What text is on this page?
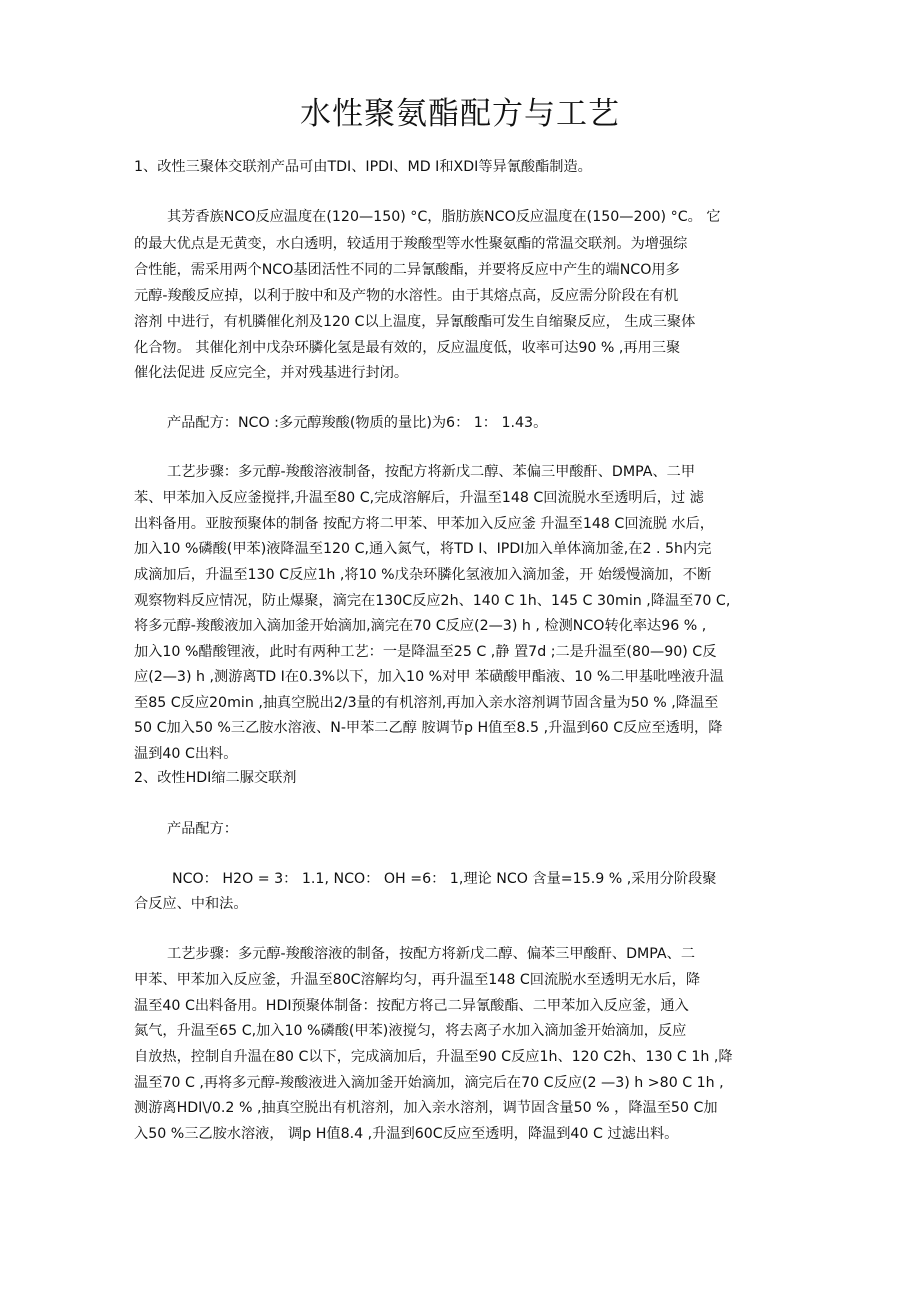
水性聚氨酯配方与工艺
1、改性三聚体交联剂产品可由TDI、IPDI、MD I和XDI等异氰酸酯制造。
其芳香族NCO反应温度在(120—150) °C，脂肪族NCO反应温度在(150—200) °C。 它
的最大优点是无黄变，水白透明，较适用于羧酸型等水性聚氨酯的常温交联剂。为增强综
合性能，需采用两个NCO基团活性不同的二异氰酸酯，并要将反应中产生的端NCO用多
元醇-羧酸反应掉，以利于胺中和及产物的水溶性。由于其熔点高，反应需分阶段在有机
溶剂 中进行，有机膦催化剂及120 C以上温度，异氰酸酯可发生自缩聚反应， 生成三聚体
化合物。 其催化剂中戊杂环膦化氢是最有效的，反应温度低，收率可达90 % ,再用三聚
催化法促进 反应完全，并对残基进行封闭。
产品配方：NCO :多元醇羧酸(物质的量比)为6： 1： 1.43。
工艺步骤：多元醇-羧酸溶液制备，按配方将新戊二醇、苯偏三甲酸酐、DMPA、二甲
苯、甲苯加入反应釜搅拌,升温至80 C,完成溶解后，升温至148 C回流脱水至透明后，过 滤
出料备用。亚胺预聚体的制备 按配方将二甲苯、甲苯加入反应釜 升温至148 C回流脱 水后，
加入10 %磷酸(甲苯)液降温至120 C,通入氮气，将TD I、IPDI加入单体滴加釜,在2 . 5h内完
成滴加后，升温至130 C反应1h ,将10 %戊杂环膦化氢液加入滴加釜，开 始缓慢滴加，不断
观察物料反应情况，防止爆聚，滴完在130C反应2h、140 C 1h、145 C 30min ,降温至70 C,
将多元醇-羧酸液加入滴加釜开始滴加,滴完在70 C反应(2—3) h , 检测NCO转化率达96 % ,
加入10 %醋酸锂液，此时有两种工艺：一是降温至25 C ,静 置7d ;二是升温至(80—90) C反
应(2—3) h ,测游离TD I在0.3%以下，加入10 %对甲 苯磺酸甲酯液、10 %二甲基吡唑液升温
至85 C反应20min ,抽真空脱出2/3量的有机溶剂,再加入亲水溶剂调节固含量为50 % ,降温至
50 C加入50 %三乙胺水溶液、N-甲苯二乙醇 胺调节p H值至8.5 ,升温到60 C反应至透明，降
温到40 C出料。
2、改性HDI缩二脲交联剂
产品配方：
NCO： H2O = 3： 1.1, NCO： OH =6： 1,理论 NCO 含量=15.9 % ,采用分阶段聚
合反应、中和法。
工艺步骤：多元醇-羧酸溶液的制备，按配方将新戊二醇、偏苯三甲酸酐、DMPA、二
甲苯、甲苯加入反应釜，升温至80C溶解均匀，再升温至148 C回流脱水至透明无水后，降
温至40 C出料备用。HDI预聚体制备：按配方将己二异氰酸酯、二甲苯加入反应釜，通入
氮气，升温至65 C,加入10 %磷酸(甲苯)液搅匀，将去离子水加入滴加釜开始滴加，反应
自放热，控制自升温在80 C以下，完成滴加后，升温至90 C反应1h、120 C2h、130 C 1h ,降
温至70 C ,再将多元醇-羧酸液进入滴加釜开始滴加，滴完后在70 C反应(2 —3) h >80 C 1h ,
测游离HDI\/0.2 % ,抽真空脱出有机溶剂，加入亲水溶剂，调节固含量50 % ，降温至50 C加
入50 %三乙胺水溶液， 调p H值8.4 ,升温到60C反应至透明，降温到40 C 过滤出料。
